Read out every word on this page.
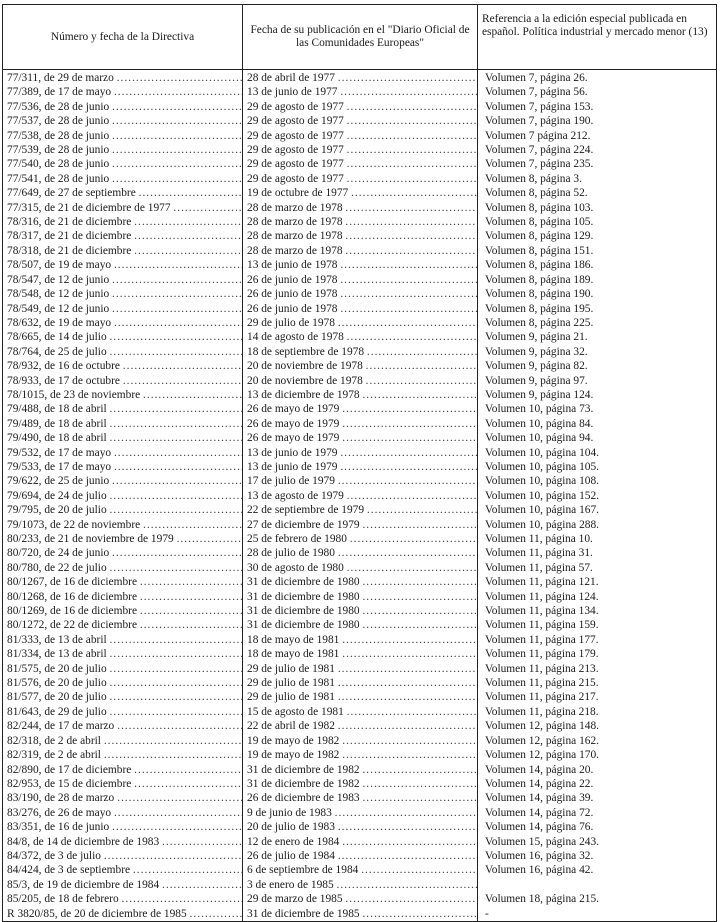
Número y fecha de la Directiva	Fecha de su publicación en el "Diario Oficial de las Comunidades Europeas"	Referencia a la edición especial publicada en español. Política industrial y mercado menor (13)
77/311, de 29 de marzo .....	28 de abril de 1977 .....	Volumen 7, página 26.
77/389, de 17 de mayo .....	13 de junio de 1977 .....	Volumen 7, página 56.
77/536, de 28 de junio .....	29 de agosto de 1977 .....	Volumen 7, página 153.
77/537, de 28 de junio .....	29 de agosto de 1977 .....	Volumen 7, página 190.
77/538, de 28 de junio .....	29 de agosto de 1977 .....	Volumen 7 página 212.
77/539, de 28 de junio .....	29 de agosto de 1977 .....	Volumen 7, página 224.
77/540, de 28 de junio .....	29 de agosto de 1977 .....	Volumen 7, página 235.
77/541, de 28 de junio .....	29 de agosto de 1977 .....	Volumen 8, página 3.
77/649, de 27 de septiembre .....	19 de octubre de 1977 .....	Volumen 8, página 52.
77/315, de 21 de diciembre de 1977 .....	28 de marzo de 1978 .....	Volumen 8, página 103.
78/316, de 21 de diciembre .....	28 de marzo de 1978 .....	Volumen 8, página 105.
78/317, de 21 de diciembre .....	28 de marzo de 1978 .....	Volumen 8, página 129.
78/318, de 21 de diciembre .....	28 de marzo de 1978 .....	Volumen 8, página 151.
78/507, de 19 de mayo .....	13 de junio de 1978 .....	Volumen 8, página 186.
78/547, de 12 de junio .....	26 de junio de 1978 .....	Volumen 8, página 189.
78/548, de 12 de junio .....	26 de junio de 1978 .....	Volumen 8, página 190.
78/549, de 12 de junio .....	26 de junio de 1978 .....	Volumen 8, página 195.
78/632, de 19 de mayo .....	29 de julio de 1978 .....	Volumen 8, página 225.
78/665, de 14 de julio .....	14 de agosto de 1978 .....	Volumen 9, página 21.
78/764, de 25 de julio .....	18 de septiembre de 1978 .....	Volumen 9, página 32.
78/932, de 16 de octubre .....	20 de noviembre de 1978 .....	Volumen 9, página 82.
78/933, de 17 de octubre .....	20 de noviembre de 1978 .....	Volumen 9, página 97.
78/1015, de 23 de noviembre .....	13 de diciembre de 1978 .....	Volumen 9, página 124.
79/488, de 18 de abril .....	26 de mayo de 1979 .....	Volumen 10, página 73.
79/489, de 18 de abril .....	26 de mayo de 1979 .....	Volumen 10, página 84.
79/490, de 18 de abril .....	26 de mayo de 1979 .....	Volumen 10, página 94.
79/532, de 17 de mayo .....	13 de junio de 1979 .....	Volumen 10, página 104.
79/533, de 17 de mayo .....	13 de junio de 1979 .....	Volumen 10, página 105.
79/622, de 25 de junio .....	17 de julio de 1979 .....	Volumen 10, página 108.
79/694, de 24 de julio .....	13 de agosto de 1979 .....	Volumen 10, página 152.
79/795, de 20 de julio .....	22 de septiembre de 1979 .....	Volumen 10, página 167.
79/1073, de 22 de noviembre .....	27 de diciembre de 1979 .....	Volumen 10, página 288.
80/233, de 21 de noviembre de 1979 .....	25 de febrero de 1980 .....	Volumen 11, página 10.
80/720, de 24 de junio .....	28 de julio de 1980 .....	Volumen 11, página 31.
80/780, de 22 de julio .....	30 de agosto de 1980 .....	Volumen 11, página 57.
80/1267, de 16 de diciembre .....	31 de diciembre de 1980 .....	Volumen 11, página 121.
80/1268, de 16 de diciembre .....	31 de diciembre de 1980 .....	Volumen 11, página 124.
80/1269, de 16 de diciembre .....	31 de diciembre de 1980 .....	Volumen 11, página 134.
80/1272, de 22 de diciembre .....	31 de diciembre de 1980 .....	Volumen 11, página 159.
81/333, de 13 de abril .....	18 de mayo de 1981 .....	Volumen 11, página 177.
81/334, de 13 de abril .....	18 de mayo de 1981 .....	Volumen 11, página 179.
81/575, de 20 de julio .....	29 de julio de 1981 .....	Volumen 11, página 213.
81/576, de 20 de julio .....	29 de julio de 1981 .....	Volumen 11, página 215.
81/577, de 20 de julio .....	29 de julio de 1981 .....	Volumen 11, página 217.
81/643, de 29 de julio .....	15 de agosto de 1981 .....	Volumen 11, página 218.
82/244, de 17 de marzo .....	22 de abril de 1982 .....	Volumen 12, página 148.
82/318, de 2 de abril .....	19 de mayo de 1982 .....	Volumen 12, página 162.
82/319, de 2 de abril .....	19 de mayo de 1982 .....	Volumen 12, página 170.
82/890, de 17 de diciembre .....	31 de diciembre de 1982 .....	Volumen 14, página 20.
82/953, de 15 de diciembre .....	31 de diciembre de 1982 .....	Volumen 14, página 22.
83/190, de 28 de marzo .....	26 de diciembre de 1983 .....	Volumen 14, página 39.
83/276, de 26 de mayo .....	9 de junio de 1983 .....	Volumen 14, página 72.
83/351, de 16 de junio .....	20 de julio de 1983 .....	Volumen 14, página 76.
84/8, de 14 de diciembre de 1983 .....	12 de enero de 1984 .....	Volumen 15, página 243.
84/372, de 3 de julio .....	26 de julio de 1984 .....	Volumen 16, página 32.
84/424, de 3 de septiembre .....	6 de septiembre de 1984 .....	Volumen 16, página 42.
85/3, de 19 de diciembre de 1984 .....	3 de enero de 1985 .....	
85/205, de 18 de febrero .....	29 de marzo de 1985 .....	Volumen 18, página 215.
R 3820/85, de 20 de diciembre de 1985 .....	31 de diciembre de 1985 .....	-
